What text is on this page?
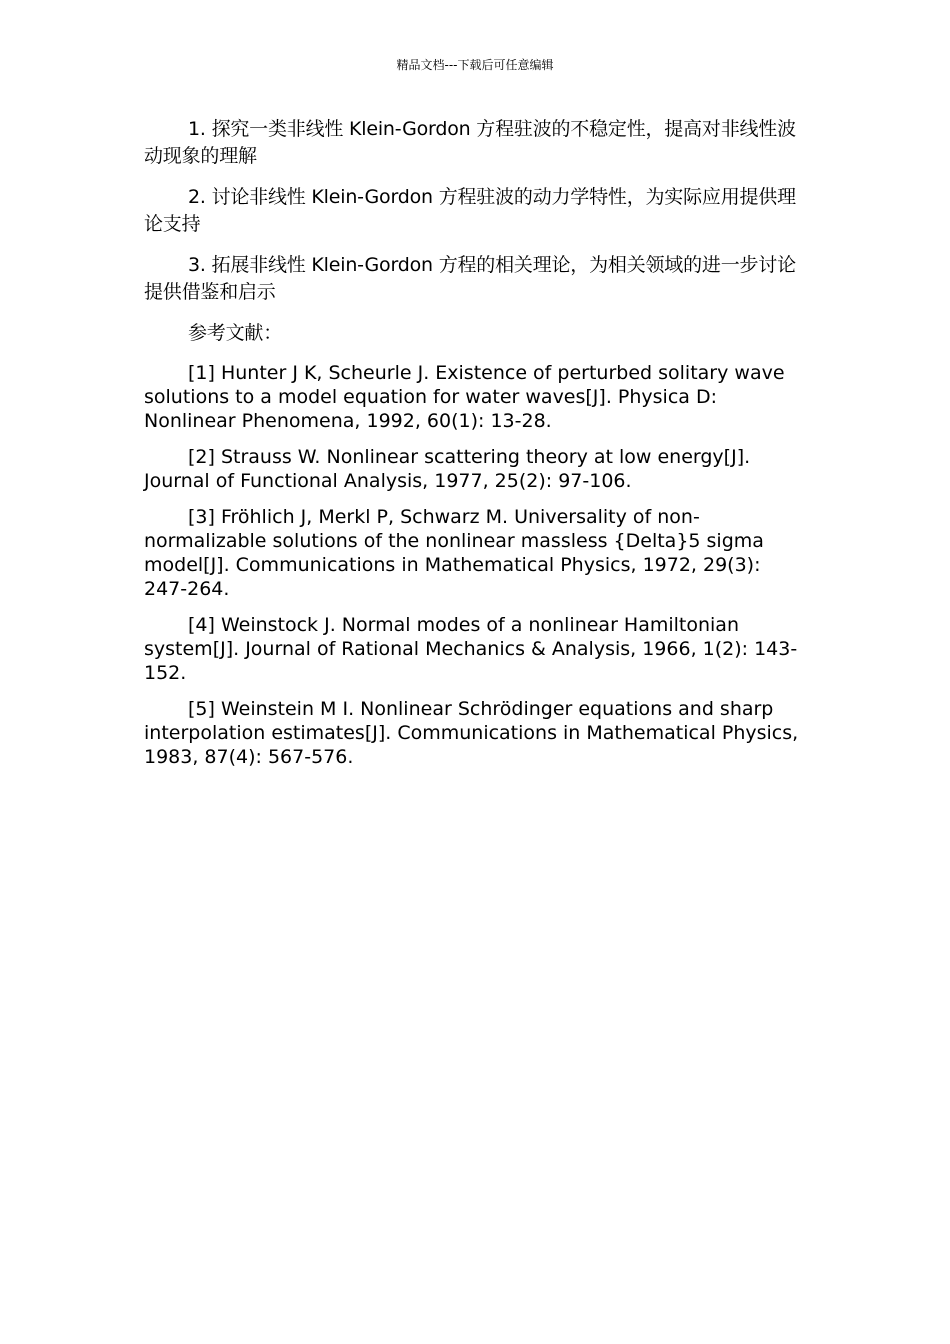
精品文档---下载后可任意编辑

1. 探究一类非线性 Klein-Gordon 方程驻波的不稳定性，提高对非线性波动现象的理解

2. 讨论非线性 Klein-Gordon 方程驻波的动力学特性，为实际应用提供理论支持

3. 拓展非线性 Klein-Gordon 方程的相关理论，为相关领域的进一步讨论提供借鉴和启示

参考文献：

[1] Hunter J K, Scheurle J. Existence of perturbed solitary wave solutions to a model equation for water waves[J]. Physica D: Nonlinear Phenomena, 1992, 60(1): 13-28.

[2] Strauss W. Nonlinear scattering theory at low energy[J]. Journal of Functional Analysis, 1977, 25(2): 97-106.

[3] Fröhlich J, Merkl P, Schwarz M. Universality of non-normalizable solutions of the nonlinear massless {Delta}5 sigma model[J]. Communications in Mathematical Physics, 1972, 29(3): 247-264.

[4] Weinstock J. Normal modes of a nonlinear Hamiltonian system[J]. Journal of Rational Mechanics & Analysis, 1966, 1(2): 143-152.

[5] Weinstein M I. Nonlinear Schrödinger equations and sharp interpolation estimates[J]. Communications in Mathematical Physics, 1983, 87(4): 567-576.
